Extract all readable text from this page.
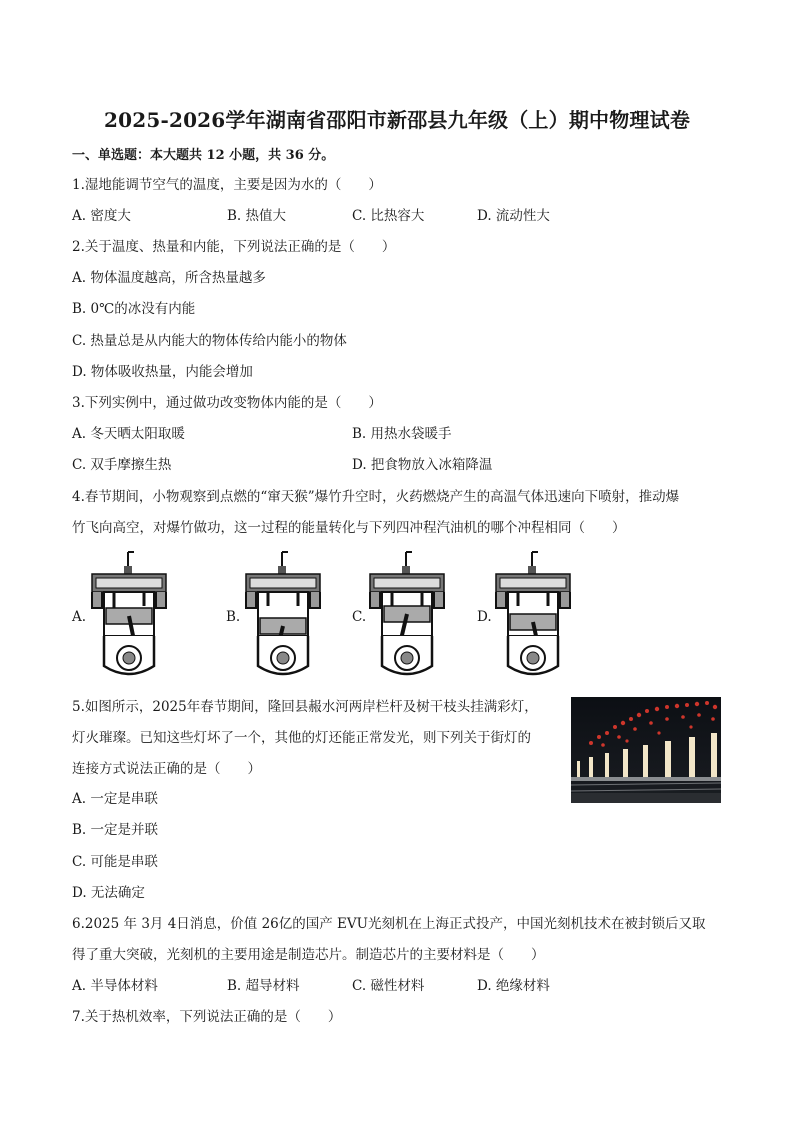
2025-2026学年湖南省邵阳市新邵县九年级（上）期中物理试卷
一、单选题：本大题共 12 小题，共 36 分。
1.湿地能调节空气的温度，主要是因为水的（　　）
A. 密度大	B. 热值大	C. 比热容大	D. 流动性大
2.关于温度、热量和内能，下列说法正确的是（　　）
A. 物体温度越高，所含热量越多
B. 0℃的冰没有内能
C. 热量总是从内能大的物体传给内能小的物体
D. 物体吸收热量，内能会增加
3.下列实例中，通过做功改变物体内能的是（　　）
A. 冬天晒太阳取暖	B. 用热水袋暖手
C. 双手摩擦生热	D. 把食物放入冰箱降温
4.春节期间，小物观察到点燃的“窜天猴”爆竹升空时，火药燃烧产生的高温气体迅速向下喷射，推动爆
竹飞向高空，对爆竹做功，这一过程的能量转化与下列四冲程汽油机的哪个冲程相同（　　）
A.	B.	C.	D.
5.如图所示，2025年春节期间，隆回县赧水河两岸栏杆及树干枝头挂满彩灯，
灯火璀璨。已知这些灯坏了一个，其他的灯还能正常发光，则下列关于街灯的
连接方式说法正确的是（　　）
A. 一定是串联
B. 一定是并联
C. 可能是串联
D. 无法确定
6.2025 年 3月 4日消息，价值 26亿的国产 EVU光刻机在上海正式投产，中国光刻机技术在被封锁后又取
得了重大突破，光刻机的主要用途是制造芯片。制造芯片的主要材料是（　　）
A. 半导体材料	B. 超导材料	C. 磁性材料	D. 绝缘材料
7.关于热机效率，下列说法正确的是（　　）
